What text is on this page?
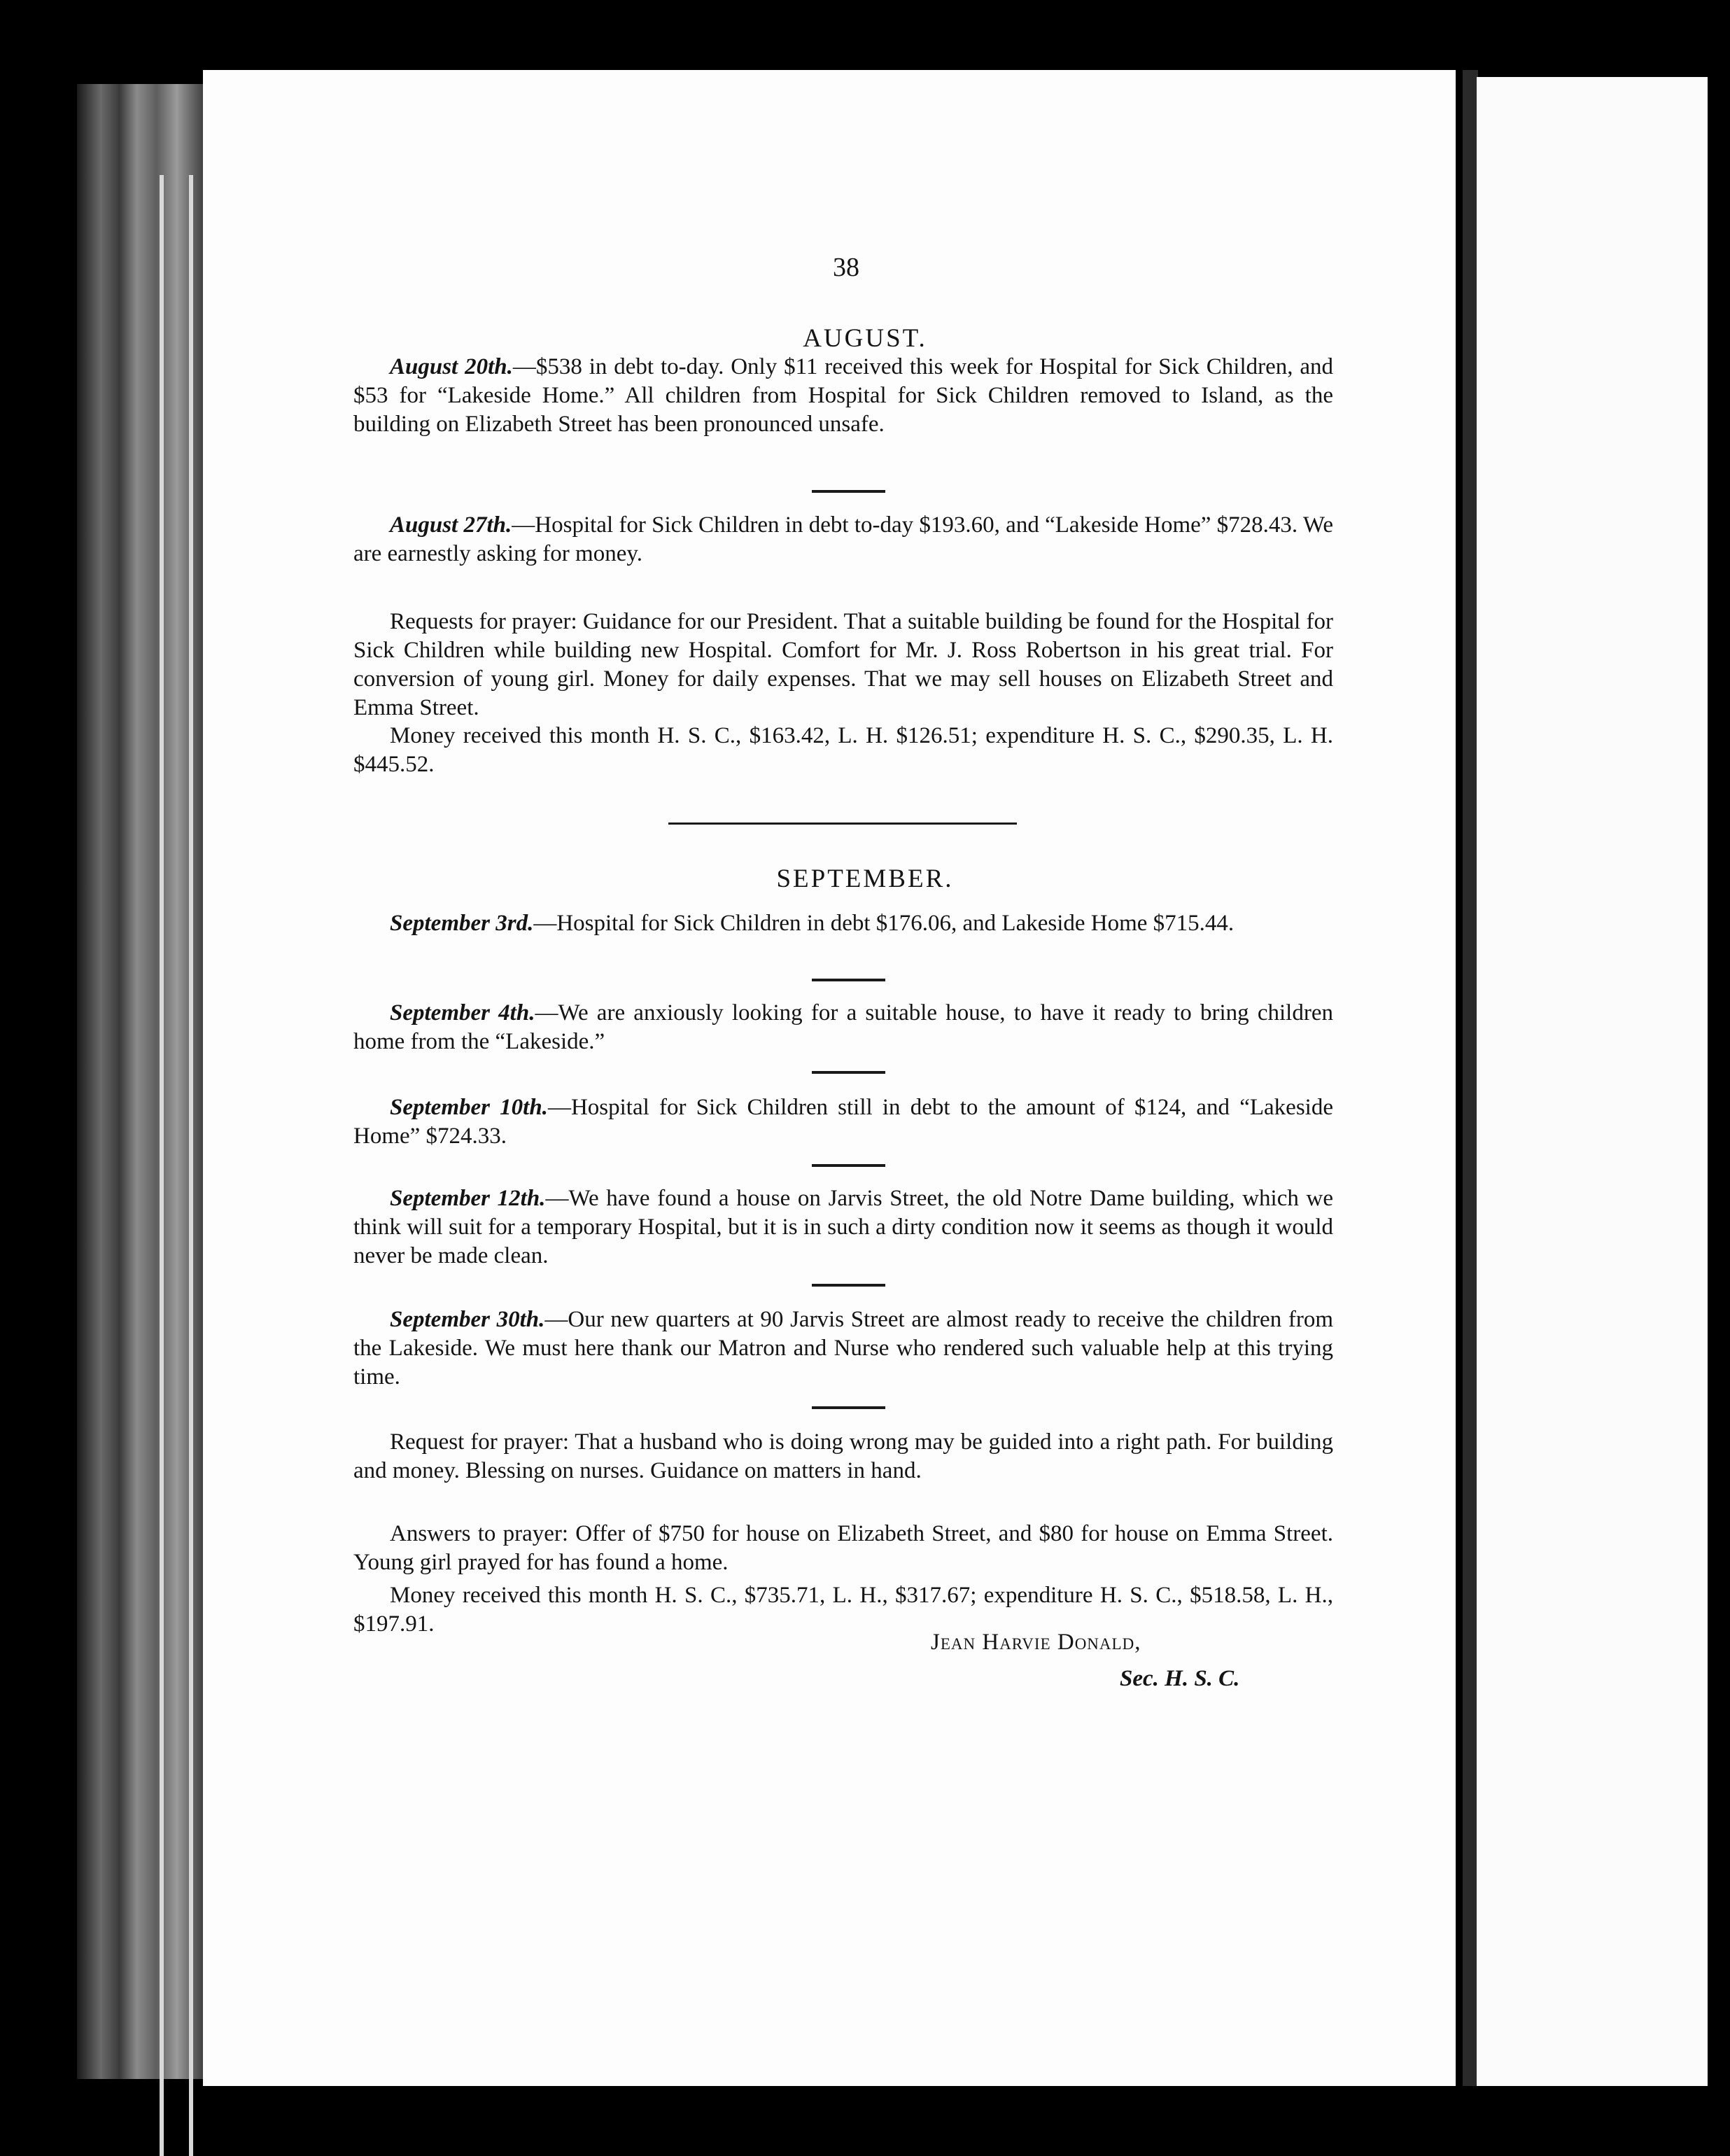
38
AUGUST.

August 20th.—$538 in debt to-day. Only $11 received this week for Hospital for Sick Children, and $53 for “Lakeside Home.” All children from Hospital for Sick Children removed to Island, as the building on Elizabeth Street has been pronounced unsafe.

August 27th.—Hospital for Sick Children in debt to-day $193.60, and “Lakeside Home” $728.43. We are earnestly asking for money.

Requests for prayer: Guidance for our President. That a suitable building be found for the Hospital for Sick Children while building new Hospital. Comfort for Mr. J. Ross Robertson in his great trial. For conversion of young girl. Money for daily expenses. That we may sell houses on Elizabeth Street and Emma Street.

Money received this month H. S. C., $163.42, L. H. $126.51; expenditure H. S. C., $290.35, L. H. $445.52.

SEPTEMBER.

September 3rd.—Hospital for Sick Children in debt $176.06, and Lakeside Home $715.44.

September 4th.—We are anxiously looking for a suitable house, to have it ready to bring children home from the “Lakeside.”

September 10th.—Hospital for Sick Children still in debt to the amount of $124, and “Lakeside Home” $724.33.

September 12th.—We have found a house on Jarvis Street, the old Notre Dame building, which we think will suit for a temporary Hospital, but it is in such a dirty condition now it seems as though it would never be made clean.

September 30th.—Our new quarters at 90 Jarvis Street are almost ready to receive the children from the Lakeside. We must here thank our Matron and Nurse who rendered such valuable help at this trying time.

Request for prayer: That a husband who is doing wrong may be guided into a right path. For building and money. Blessing on nurses. Guidance on matters in hand.

Answers to prayer: Offer of $750 for house on Elizabeth Street, and $80 for house on Emma Street. Young girl prayed for has found a home.

Money received this month H. S. C., $735.71, L. H., $317.67; expenditure H. S. C., $518.58, L. H., $197.91.

Jean Harvie Donald,
Sec. H. S. C.
